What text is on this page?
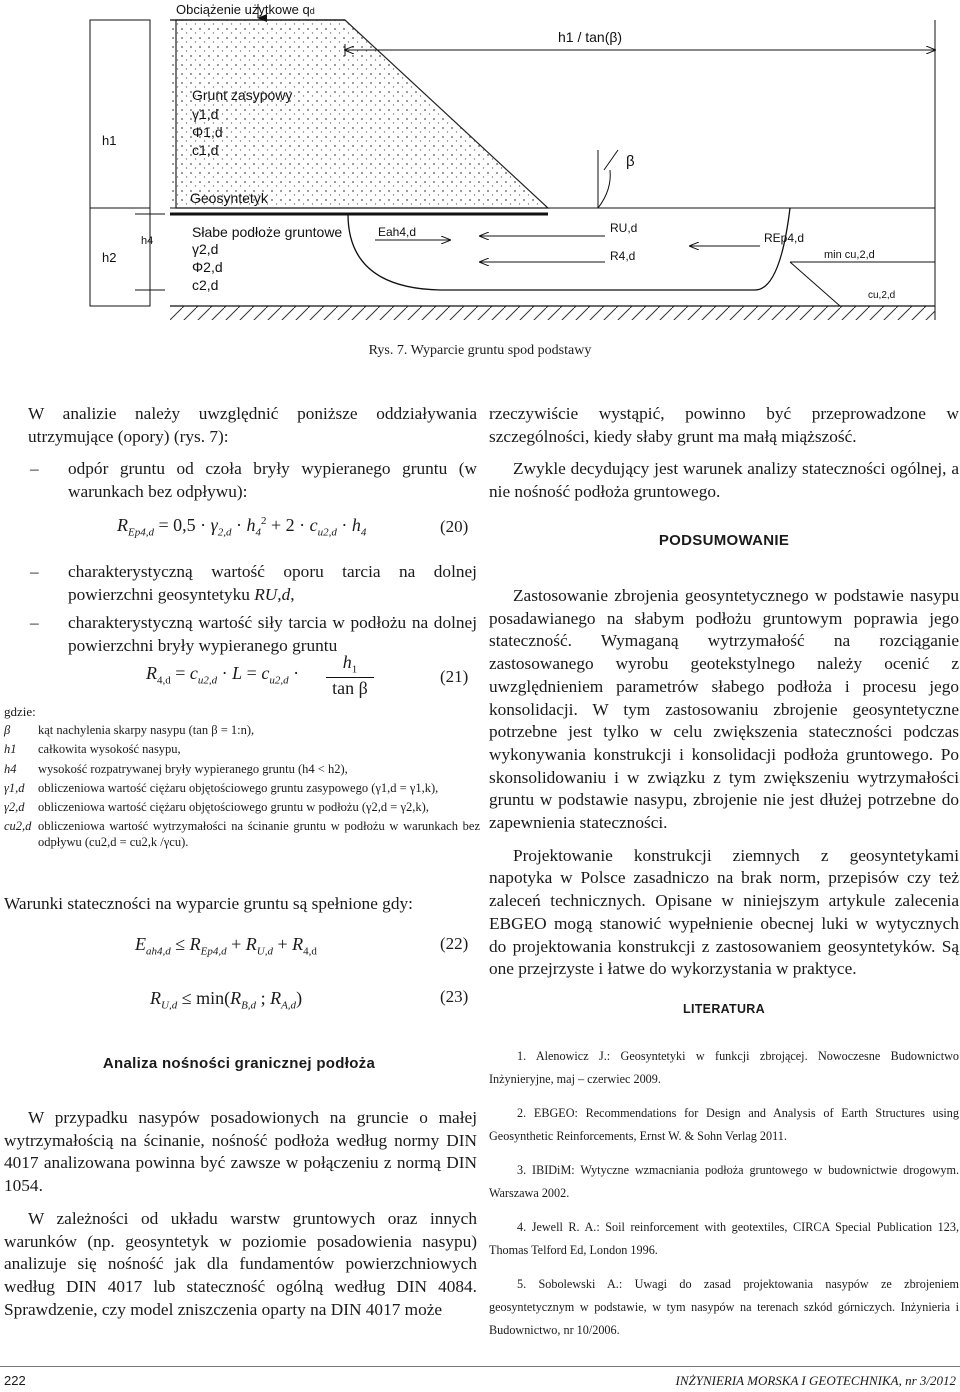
Obciążenie użytkowe qd
h1 / tan(β)
Grunt zasypowy
γ1,d
Φ1,d
c1,d
β
Geosyntetyk
h1
h4
h2
Słabe podłoże gruntowe
γ2,d
Φ2,d
c2,d
Eah4,d	RU,d
R4,d
REp4,d
min cu,2,d
cu,2,d
Rys. 7. Wyparcie gruntu spod podstawy

W analizie należy uwzględnić poniższe oddziaływania utrzymujące (opory) (rys. 7):

– odpór gruntu od czoła bryły wypieranego gruntu (w warunkach bez odpływu):
$R_{Ep4,d} = 0,5 \cdot \gamma_{2,d} \cdot h_4^2 + 2 \cdot c_{u2,d} \cdot h_4$	(20)
– charakterystyczną wartość oporu tarcia na dolnej powierzchni geosyntetyku RU,d,
– charakterystyczną wartość siły tarcia w podłożu na dolnej powierzchni bryły wypieranego gruntu
$R_{4,d} = c_{u2,d} \cdot L = c_{u2,d}$ ·
$h_1$
tan β
(21)
gdzie:
β kąt nachylenia skarpy nasypu (tan β = 1:n),
h1 całkowita wysokość nasypu,
h4 wysokość rozpatrywanej bryły wypieranego gruntu (h4 < h2),
γ1,d obliczeniowa wartość ciężaru objętościowego gruntu zasypowego (γ1,d = γ1,k),
γ2,d obliczeniowa wartość ciężaru objętościowego gruntu w podłożu (γ2,d = γ2,k),
cu2,d obliczeniowa wartość wytrzymałości na ścinanie gruntu w podłożu w warunkach bez odpływu (cu2,d = cu2,k /γcu).
Warunki stateczności na wyparcie gruntu są spełnione gdy:
$E_{ah4,d} \le R_{Ep4,d} + R_{U,d} + R_{4,d}$	(22)
$R_{U,d} \le \min(R_{B,d}$ ; $R_{A,d}$)	(23)
Analiza nośności granicznej podłoża

W przypadku nasypów posadowionych na gruncie o małej wytrzymałością na ścinanie, nośność podłoża według normy DIN 4017 analizowana powinna być zawsze w połączeniu z normą DIN 1054.

W zależności od układu warstw gruntowych oraz innych warunków (np. geosyntetyk w poziomie posadowienia nasypu) analizuje się nośność jak dla fundamentów powierzchniowych według DIN 4017 lub stateczność ogólną według DIN 4084. Sprawdzenie, czy model zniszczenia oparty na DIN 4017 może

rzeczywiście wystąpić, powinno być przeprowadzone w szczególności, kiedy słaby grunt ma małą miąższość.

Zwykle decydujący jest warunek analizy stateczności ogólnej, a nie nośność podłoża gruntowego.

PODSUMOWANIE

Zastosowanie zbrojenia geosyntetycznego w podstawie nasypu posadawianego na słabym podłożu gruntowym poprawia jego stateczność. Wymaganą wytrzymałość na rozciąganie zastosowanego wyrobu geotekstylnego należy ocenić z uwzględnieniem parametrów słabego podłoża i procesu jego konsolidacji. W tym zastosowaniu zbrojenie geosyntetyczne potrzebne jest tylko w celu zwiększenia stateczności podczas wykonywania konstrukcji i konsolidacji podłoża gruntowego. Po skonsolidowaniu i w związku z tym zwiększeniu wytrzymałości gruntu w podstawie nasypu, zbrojenie nie jest dłużej potrzebne do zapewnienia stateczności.

Projektowanie konstrukcji ziemnych z geosyntetykami napotyka w Polsce zasadniczo na brak norm, przepisów czy też zaleceń technicznych. Opisane w niniejszym artykule zalecenia EBGEO mogą stanowić wypełnienie obecnej luki w wytycznych do projektowania konstrukcji z zastosowaniem geosyntetyków. Są one przejrzyste i łatwe do wykorzystania w praktyce.

LITERATURA
1. Alenowicz J.: Geosyntetyki w funkcji zbrojącej. Nowoczesne Budownictwo Inżynieryjne, maj – czerwiec 2009.
2. EBGEO: Recommendations for Design and Analysis of Earth Structures using Geosynthetic Reinforcements, Ernst W. & Sohn Verlag 2011.
3. IBIDiM: Wytyczne wzmacniania podłoża gruntowego w budownictwie drogowym. Warszawa 2002.
4. Jewell R. A.: Soil reinforcement with geotextiles, CIRCA Special Publication 123, Thomas Telford Ed, London 1996.
5. Sobolewski A.: Uwagi do zasad projektowania nasypów ze zbrojeniem geosyntetycznym w podstawie, w tym nasypów na terenach szkód górniczych. Inżynieria i Budownictwo, nr 10/2006.
222	INŻYNIERIA MORSKA I GEOTECHNIKA, nr 3/2012
